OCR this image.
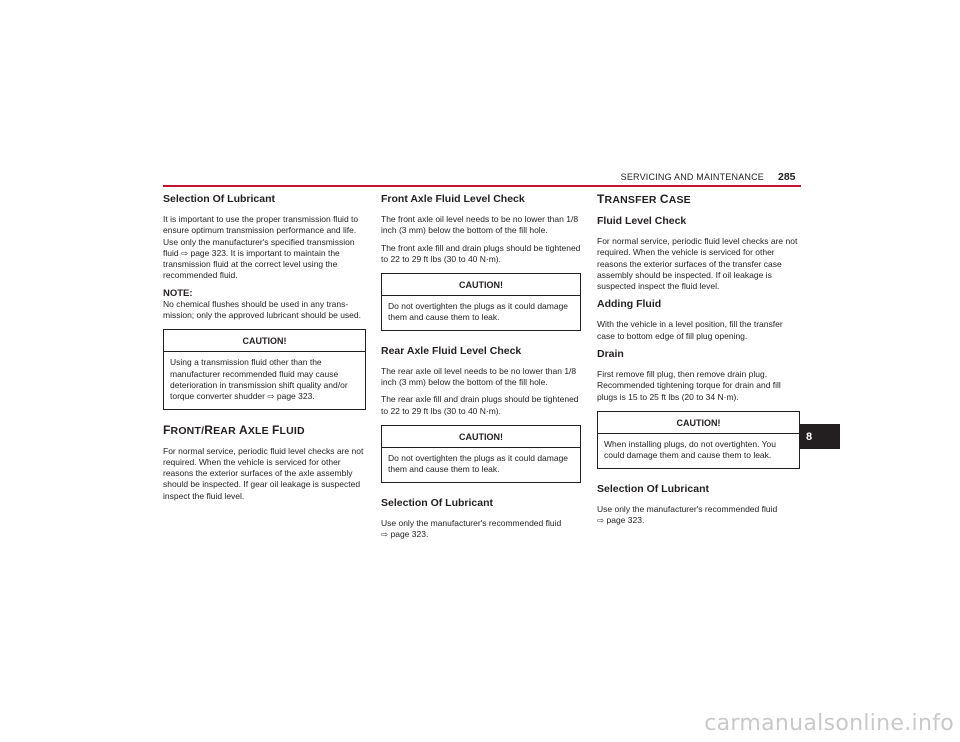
SERVICING AND MAINTENANCE 285
Selection Of Lubricant

It is important to use the proper transmission fluid to ensure optimum transmission performance and life. Use only the manufacturer's specified transmission fluid ⇨ page 323. It is important to maintain the transmission fluid at the correct level using the recommended fluid.

NOTE:

No chemical flushes should be used in any trans-mission; only the approved lubricant should be used.

CAUTION!
Using a transmission fluid other than the manufacturer recommended fluid may cause deterioration in transmission shift quality and/or torque converter shudder ⇨ page 323.
FRONT/REAR AXLE FLUID

For normal service, periodic fluid level checks are not required. When the vehicle is serviced for other reasons the exterior surfaces of the axle assembly should be inspected. If gear oil leakage is suspected inspect the fluid level.

Front Axle Fluid Level Check

The front axle oil level needs to be no lower than 1/8 inch (3 mm) below the bottom of the fill hole.

The front axle fill and drain plugs should be tightened to 22 to 29 ft lbs (30 to 40 N·m).

CAUTION!
Do not overtighten the plugs as it could damage them and cause them to leak.
Rear Axle Fluid Level Check

The rear axle oil level needs to be no lower than 1/8 inch (3 mm) below the bottom of the fill hole.

The rear axle fill and drain plugs should be tightened to 22 to 29 ft lbs (30 to 40 N·m).

CAUTION!
Do not overtighten the plugs as it could damage them and cause them to leak.
Selection Of Lubricant

Use only the manufacturer's recommended fluid
⇨ page 323.

TRANSFER CASE
Fluid Level Check

For normal service, periodic fluid level checks are not required. When the vehicle is serviced for other reasons the exterior surfaces of the transfer case assembly should be inspected. If oil leakage is suspected inspect the fluid level.

Adding Fluid

With the vehicle in a level position, fill the transfer case to bottom edge of fill plug opening.

Drain

First remove fill plug, then remove drain plug. Recommended tightening torque for drain and fill plugs is 15 to 25 ft lbs (20 to 34 N·m).

CAUTION!
When installing plugs, do not overtighten. You could damage them and cause them to leak.
Selection Of Lubricant

Use only the manufacturer's recommended fluid
⇨ page 323.

8
carmanualsonline.info
